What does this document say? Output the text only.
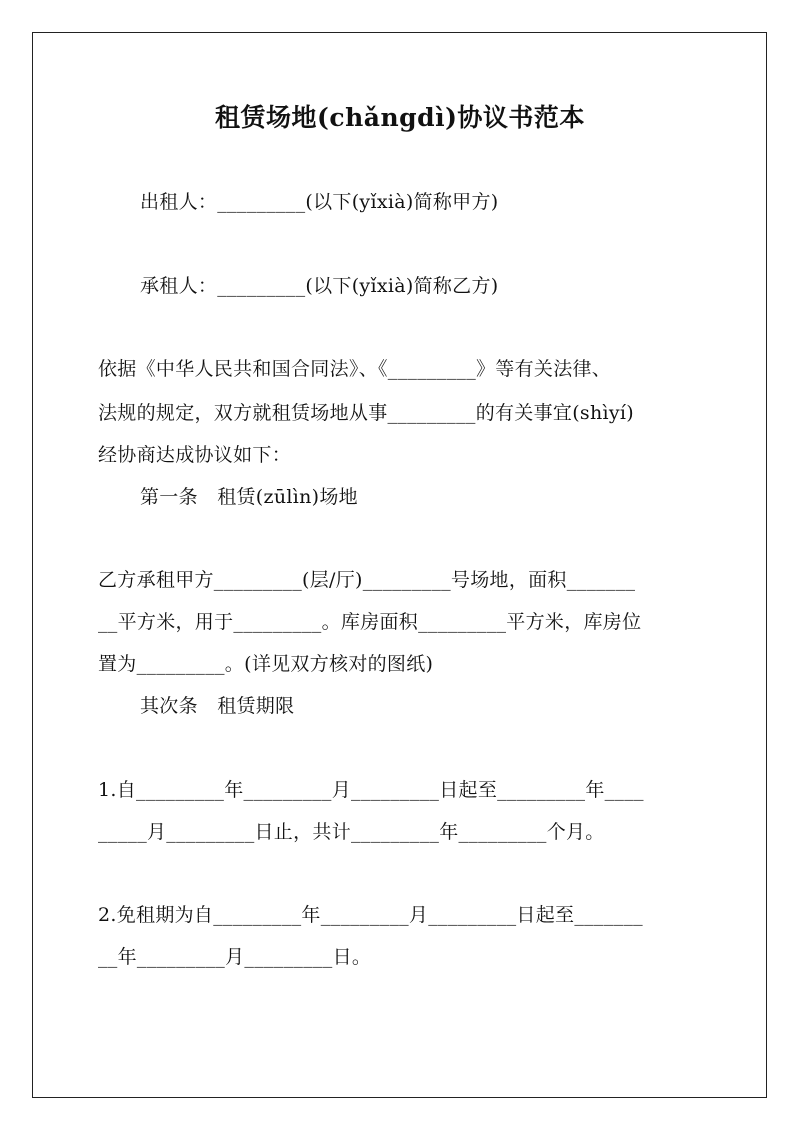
租赁场地(chǎngdì)协议书范本
出租人：_________(以下(yǐxià)简称甲方)
承租人：_________(以下(yǐxià)简称乙方)
依据《中华人民共和国合同法》、《_________》等有关法律、
法规的规定，双方就租赁场地从事_________的有关事宜(shìyí)
经协商达成协议如下：
第一条　租赁(zūlìn)场地
乙方承租甲方_________(层/厅)_________号场地，面积_______
__平方米，用于_________。库房面积_________平方米，库房位
置为_________。(详见双方核对的图纸)
其次条　租赁期限
1.自_________年_________月_________日起至_________年____
_____月_________日止，共计_________年_________个月。
2.免租期为自_________年_________月_________日起至_______
__年_________月_________日。
